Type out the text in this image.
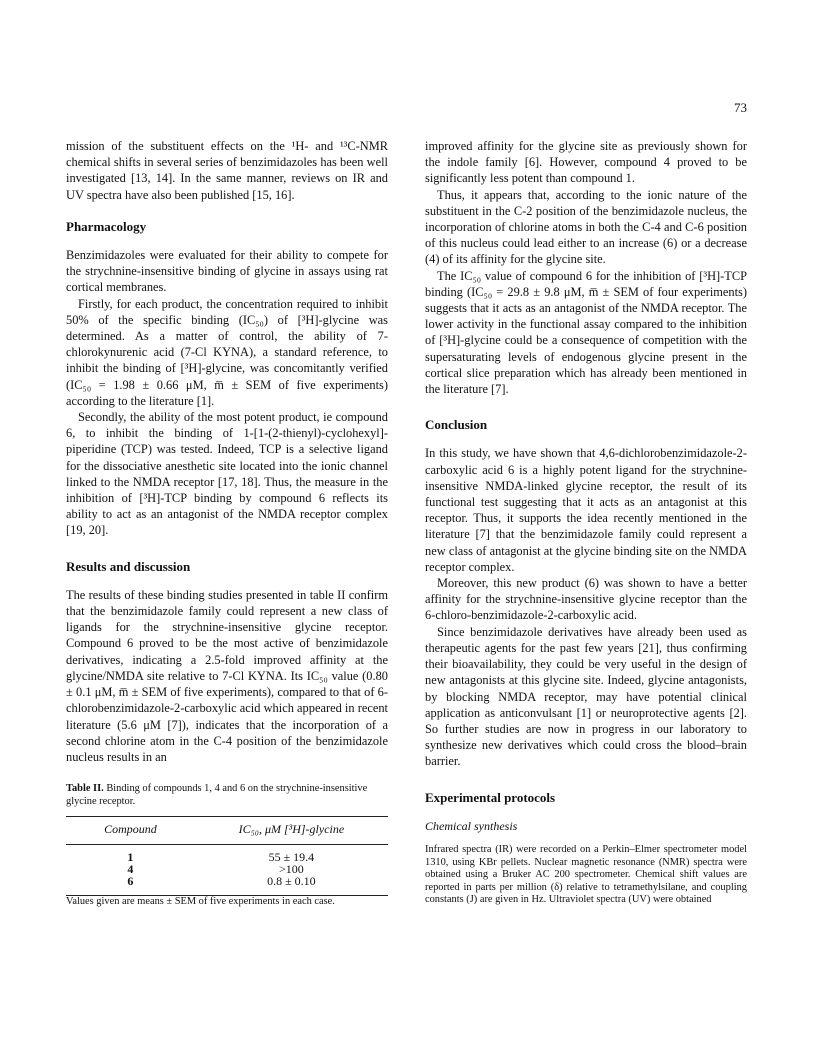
73

mission of the substituent effects on the ¹H- and ¹³C-NMR chemical shifts in several series of benzimidazoles has been well investigated [13, 14]. In the same manner, reviews on IR and UV spectra have also been published [15, 16].

Pharmacology

Benzimidazoles were evaluated for their ability to compete for the strychnine-insensitive binding of glycine in assays using rat cortical membranes.

Firstly, for each product, the concentration required to inhibit 50% of the specific binding (IC₅₀) of [³H]-glycine was determined. As a matter of control, the ability of 7-chlorokynurenic acid (7-Cl KYNA), a standard reference, to inhibit the binding of [³H]-glycine, was concomitantly verified (IC₅₀ = 1.98 ± 0.66 μM, m̅ ± SEM of five experiments) according to the literature [1].

Secondly, the ability of the most potent product, ie compound 6, to inhibit the binding of 1-[1-(2-thienyl)-cyclohexyl]-piperidine (TCP) was tested. Indeed, TCP is a selective ligand for the dissociative anesthetic site located into the ionic channel linked to the NMDA receptor [17, 18]. Thus, the measure in the inhibition of [³H]-TCP binding by compound 6 reflects its ability to act as an antagonist of the NMDA receptor complex [19, 20].

Results and discussion

The results of these binding studies presented in table II confirm that the benzimidazole family could represent a new class of ligands for the strychnine-insensitive glycine receptor. Compound 6 proved to be the most active of benzimidazole derivatives, indicating a 2.5-fold improved affinity at the glycine/NMDA site relative to 7-Cl KYNA. Its IC₅₀ value (0.80 ± 0.1 μM, m̅ ± SEM of five experiments), compared to that of 6-chlorobenzimidazole-2-carboxylic acid which appeared in recent literature (5.6 μM [7]), indicates that the incorporation of a second chlorine atom in the C-4 position of the benzimidazole nucleus results in an

Table II. Binding of compounds 1, 4 and 6 on the strychnine-insensitive glycine receptor.
Compound	IC₅₀, μM [³H]-glycine
1	55 ± 19.4
4	>100
6	0.8 ± 0.10

Values given are means ± SEM of five experiments in each case.

improved affinity for the glycine site as previously shown for the indole family [6]. However, compound 4 proved to be significantly less potent than compound 1.

Thus, it appears that, according to the ionic nature of the substituent in the C-2 position of the benzimidazole nucleus, the incorporation of chlorine atoms in both the C-4 and C-6 position of this nucleus could lead either to an increase (6) or a decrease (4) of its affinity for the glycine site.

The IC₅₀ value of compound 6 for the inhibition of [³H]-TCP binding (IC₅₀ = 29.8 ± 9.8 μM, m̅ ± SEM of four experiments) suggests that it acts as an antagonist of the NMDA receptor. The lower activity in the functional assay compared to the inhibition of [³H]-glycine could be a consequence of competition with the supersaturating levels of endogenous glycine present in the cortical slice preparation which has already been mentioned in the literature [7].

Conclusion

In this study, we have shown that 4,6-dichlorobenzimidazole-2-carboxylic acid 6 is a highly potent ligand for the strychnine-insensitive NMDA-linked glycine receptor, the result of its functional test suggesting that it acts as an antagonist at this receptor. Thus, it supports the idea recently mentioned in the literature [7] that the benzimidazole family could represent a new class of antagonist at the glycine binding site on the NMDA receptor complex.

Moreover, this new product (6) was shown to have a better affinity for the strychnine-insensitive glycine receptor than the 6-chloro-benzimidazole-2-carboxylic acid.

Since benzimidazole derivatives have already been used as therapeutic agents for the past few years [21], thus confirming their bioavailability, they could be very useful in the design of new antagonists at this glycine site. Indeed, glycine antagonists, by blocking NMDA receptor, may have potential clinical application as anticonvulsant [1] or neuroprotective agents [2]. So further studies are now in progress in our laboratory to synthesize new derivatives which could cross the blood–brain barrier.

Experimental protocols
Chemical synthesis

Infrared spectra (IR) were recorded on a Perkin–Elmer spectrometer model 1310, using KBr pellets. Nuclear magnetic resonance (NMR) spectra were obtained using a Bruker AC 200 spectrometer. Chemical shift values are reported in parts per million (δ) relative to tetramethylsilane, and coupling constants (J) are given in Hz. Ultraviolet spectra (UV) were obtained
